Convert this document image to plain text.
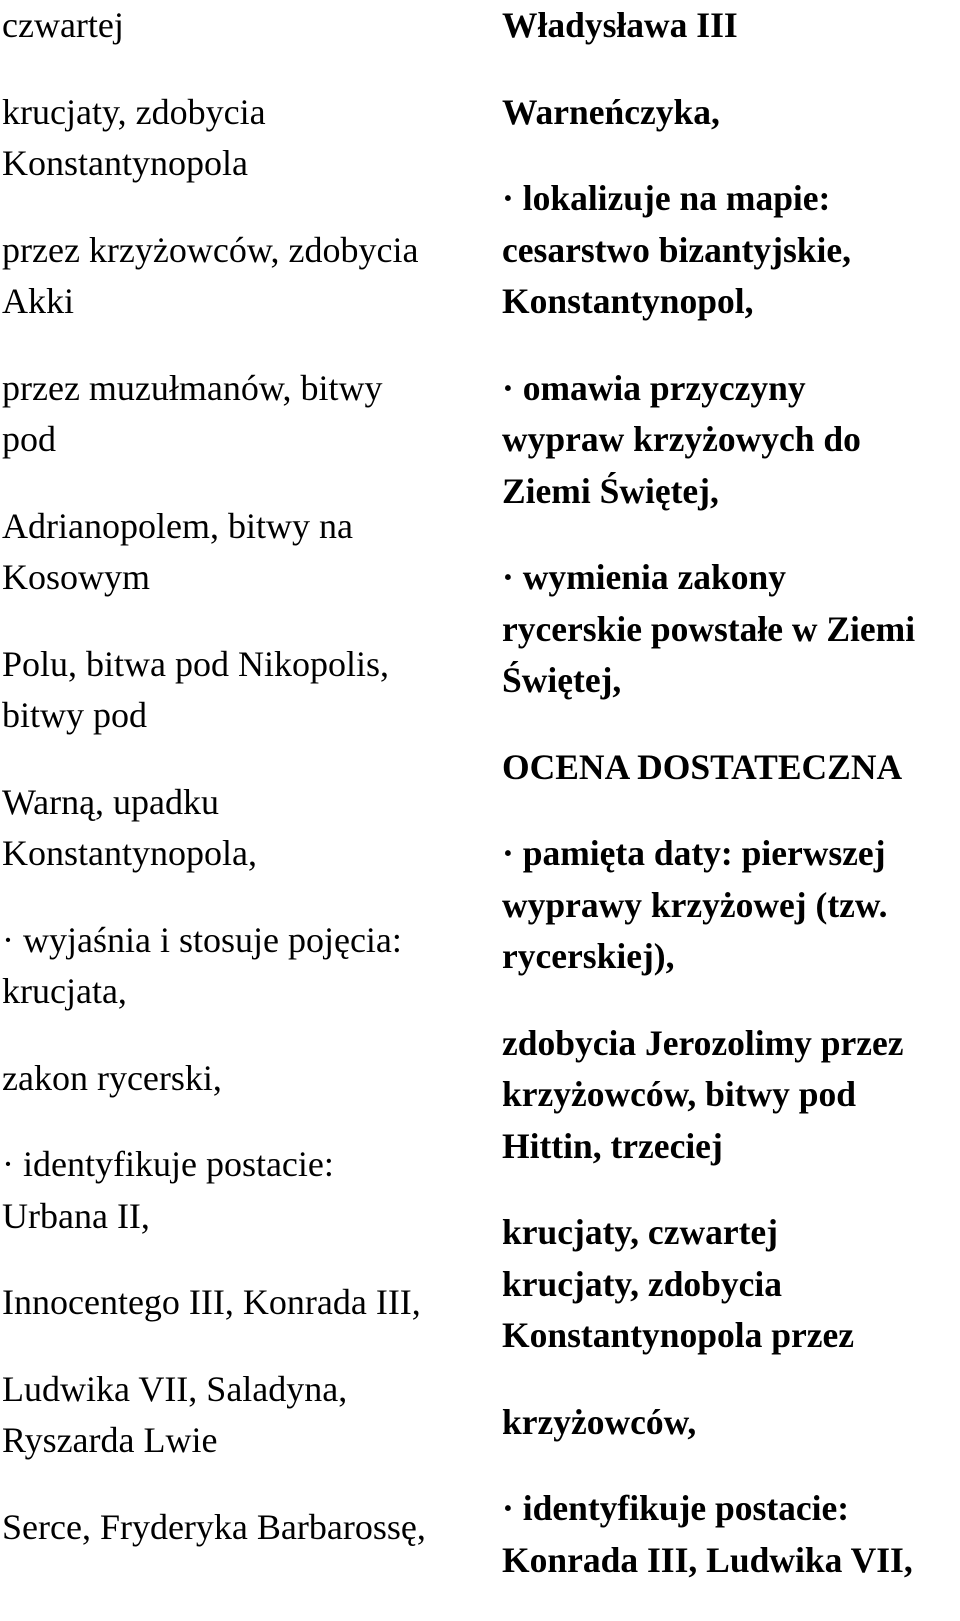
czwartej
krucjaty, zdobycia
Konstantynopola
przez krzyżowców, zdobycia
Akki
przez muzułmanów, bitwy
pod
Adrianopolem, bitwy na
Kosowym
Polu, bitwa pod Nikopolis,
bitwy pod
Warną, upadku
Konstantynopola,
· wyjaśnia i stosuje pojęcia:
krucjata,
zakon rycerski,
· identyfikuje postacie:
Urbana II,
Innocentego III, Konrada III,
Ludwika VII, Saladyna,
Ryszarda Lwie
Serce, Fryderyka Barbarossę,
Władysława III
Warneńczyka,
· lokalizuje na mapie:
cesarstwo bizantyjskie,
Konstantynopol,
· omawia przyczyny
wypraw krzyżowych do
Ziemi Świętej,
· wymienia zakony
rycerskie powstałe w Ziemi
Świętej,
OCENA DOSTATECZNA
· pamięta daty: pierwszej
wyprawy krzyżowej (tzw.
rycerskiej),
zdobycia Jerozolimy przez
krzyżowców, bitwy pod
Hittin, trzeciej
krucjaty, czwartej
krucjaty, zdobycia
Konstantynopola przez
krzyżowców,
· identyfikuje postacie:
Konrada III, Ludwika VII,
